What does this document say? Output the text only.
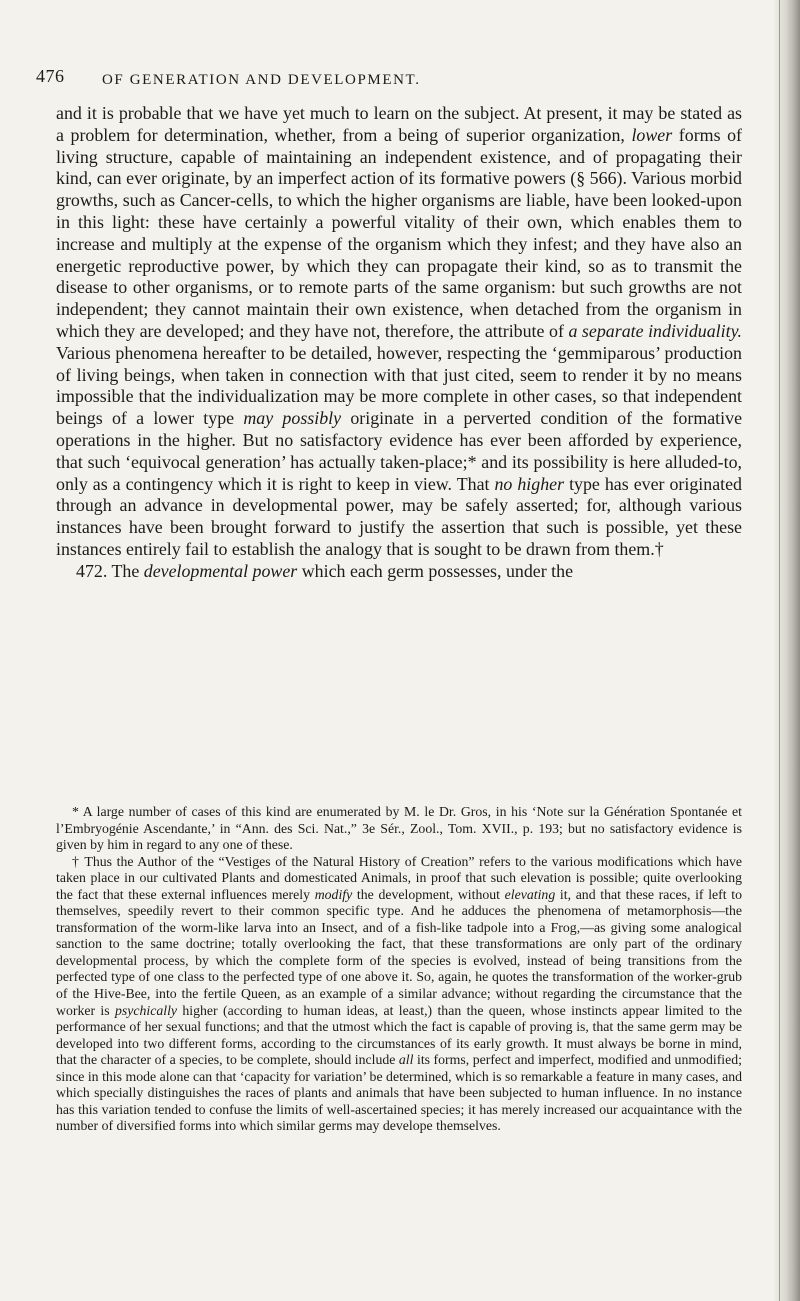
476	OF GENERATION AND DEVELOPMENT.

and it is probable that we have yet much to learn on the subject. At present, it may be stated as a problem for determination, whether, from a being of superior organization, lower forms of living structure, capable of maintaining an independent existence, and of propagating their kind, can ever originate, by an imperfect action of its formative powers (§ 566). Various morbid growths, such as Cancer-cells, to which the higher organisms are liable, have been looked-upon in this light: these have certainly a powerful vitality of their own, which enables them to increase and multiply at the expense of the organism which they infest; and they have also an energetic reproductive power, by which they can propagate their kind, so as to transmit the disease to other organisms, or to remote parts of the same organism: but such growths are not independent; they cannot maintain their own existence, when detached from the organism in which they are developed; and they have not, therefore, the attribute of a separate individuality. Various phenomena hereafter to be detailed, however, respecting the ‘gemmiparous’ production of living beings, when taken in connection with that just cited, seem to render it by no means impossible that the individualization may be more complete in other cases, so that independent beings of a lower type may possibly originate in a perverted condition of the formative operations in the higher. But no satisfactory evidence has ever been afforded by experience, that such ‘equivocal generation’ has actually taken-place;* and its possibility is here alluded-to, only as a contingency which it is right to keep in view. That no higher type has ever originated through an advance in developmental power, may be safely asserted; for, although various instances have been brought forward to justify the assertion that such is possible, yet these instances entirely fail to establish the analogy that is sought to be drawn from them.†

472. The developmental power which each germ possesses, under the

* A large number of cases of this kind are enumerated by M. le Dr. Gros, in his ‘Note sur la Génération Spontanée et l’Embryogénie Ascendante,’ in “Ann. des Sci. Nat.,” 3e Sér., Zool., Tom. XVII., p. 193; but no satisfactory evidence is given by him in regard to any one of these.

† Thus the Author of the “Vestiges of the Natural History of Creation” refers to the various modifications which have taken place in our cultivated Plants and domesticated Animals, in proof that such elevation is possible; quite overlooking the fact that these external influences merely modify the development, without elevating it, and that these races, if left to themselves, speedily revert to their common specific type. And he adduces the phenomena of metamorphosis—the transformation of the worm-like larva into an Insect, and of a fish-like tadpole into a Frog,—as giving some analogical sanction to the same doctrine; totally overlooking the fact, that these transformations are only part of the ordinary developmental process, by which the complete form of the species is evolved, instead of being transitions from the perfected type of one class to the perfected type of one above it. So, again, he quotes the transformation of the worker-grub of the Hive-Bee, into the fertile Queen, as an example of a similar advance; without regarding the circumstance that the worker is psychically higher (according to human ideas, at least,) than the queen, whose instincts appear limited to the performance of her sexual functions; and that the utmost which the fact is capable of proving is, that the same germ may be developed into two different forms, according to the circumstances of its early growth. It must always be borne in mind, that the character of a species, to be complete, should include all its forms, perfect and imperfect, modified and unmodified; since in this mode alone can that ‘capacity for variation’ be determined, which is so remarkable a feature in many cases, and which specially distinguishes the races of plants and animals that have been subjected to human influence. In no instance has this variation tended to confuse the limits of well-ascertained species; it has merely increased our acquaintance with the number of diversified forms into which similar germs may develope themselves.
